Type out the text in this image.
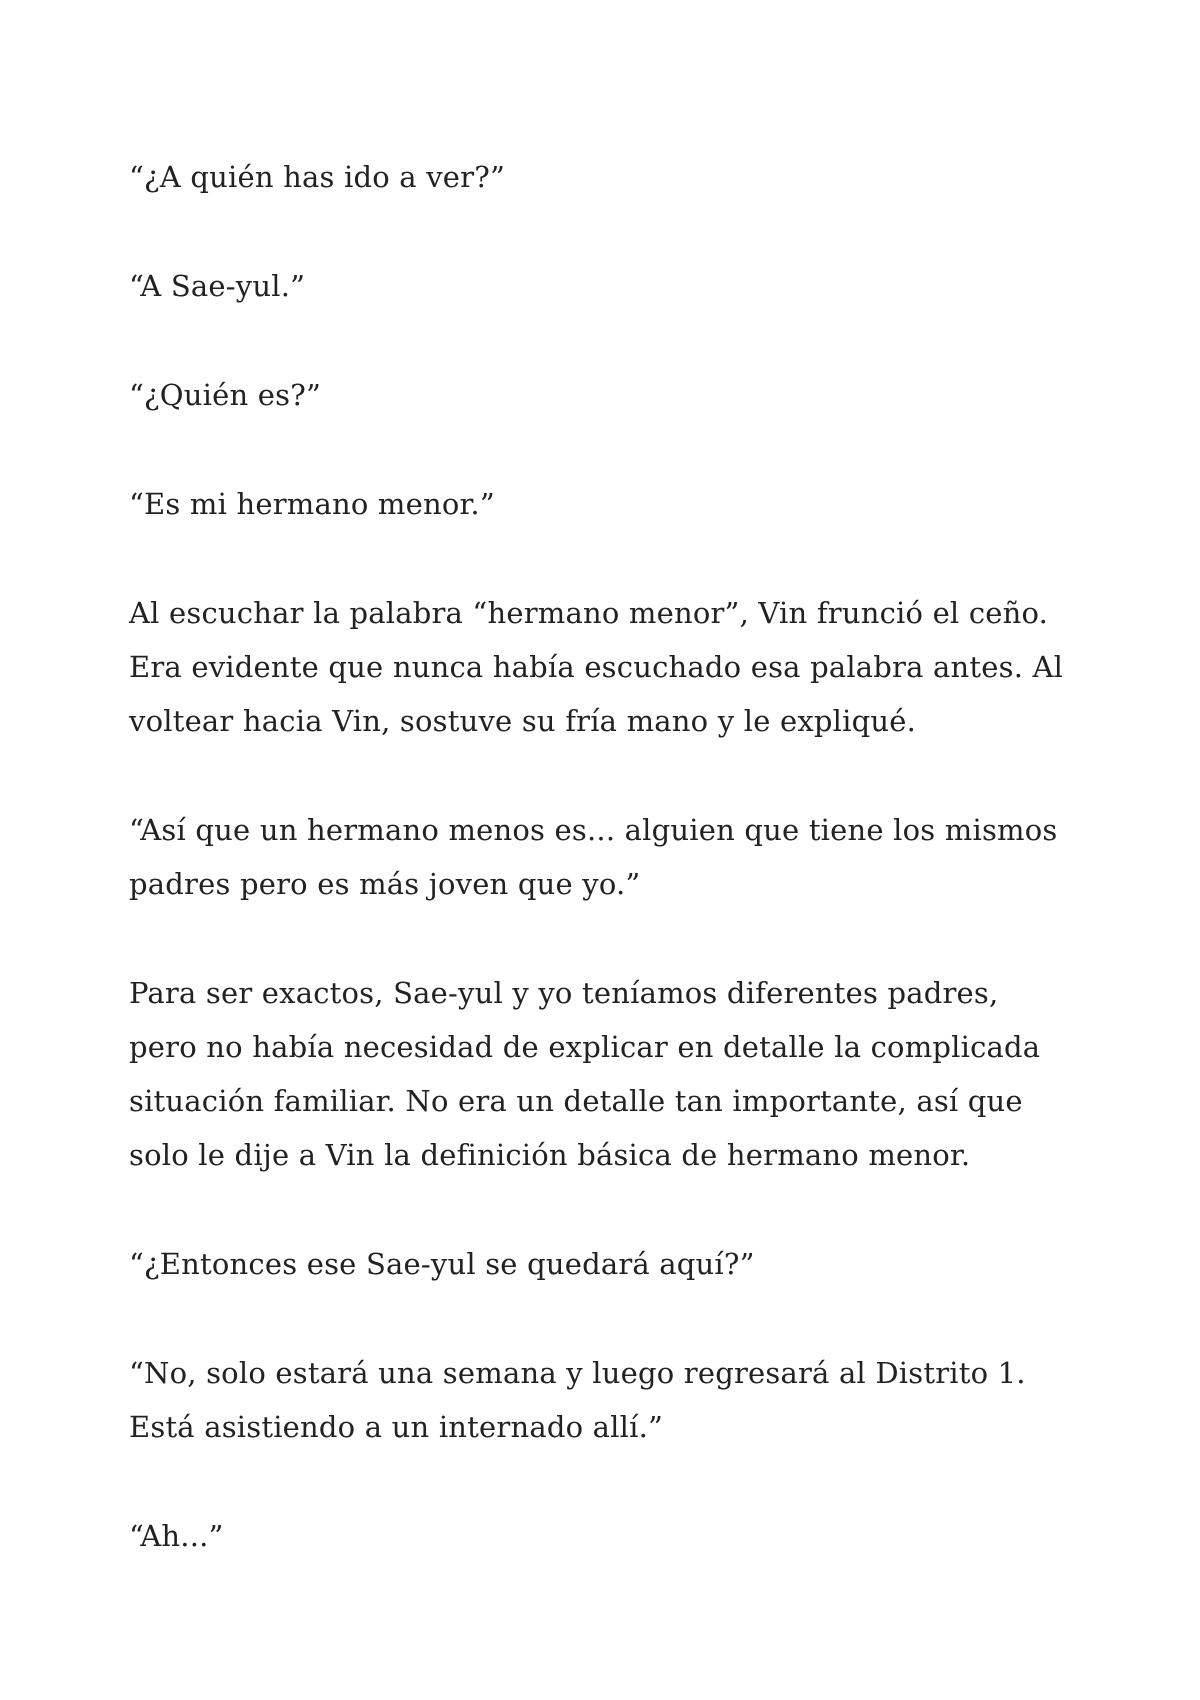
“¿A quién has ido a ver?”

“A Sae-yul.”

“¿Quién es?”

“Es mi hermano menor.”

Al escuchar la palabra “hermano menor”, Vin frunció el ceño. Era evidente que nunca había escuchado esa palabra antes. Al voltear hacia Vin, sostuve su fría mano y le expliqué.

“Así que un hermano menos es... alguien que tiene los mismos padres pero es más joven que yo.”

Para ser exactos, Sae-yul y yo teníamos diferentes padres, pero no había necesidad de explicar en detalle la complicada situación familiar. No era un detalle tan importante, así que solo le dije a Vin la definición básica de hermano menor.

“¿Entonces ese Sae-yul se quedará aquí?”

“No, solo estará una semana y luego regresará al Distrito 1. Está asistiendo a un internado allí.”

“Ah...”
